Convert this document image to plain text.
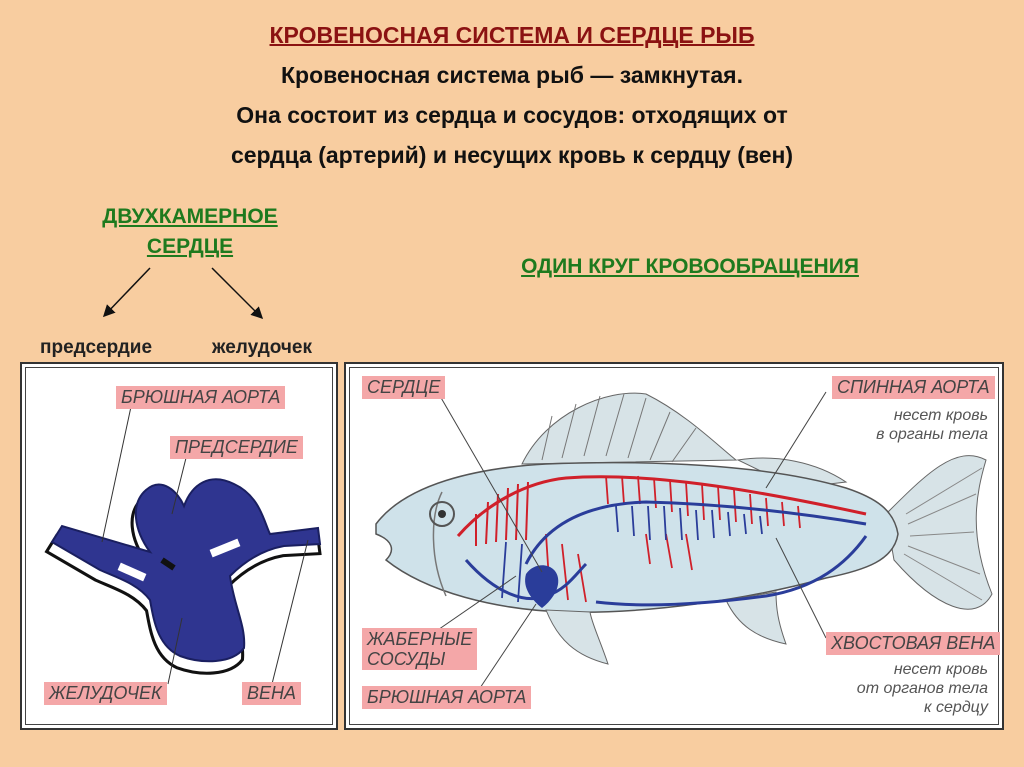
КРОВЕНОСНАЯ СИСТЕМА И СЕРДЦЕ РЫБ
Кровеносная система рыб — замкнутая.
Она состоит из сердца и сосудов: отходящих от
сердца (артерий) и несущих кровь к сердцу (вен)
ДВУХКАМЕРНОЕ
СЕРДЦЕ
ОДИН КРУГ КРОВООБРАЩЕНИЯ
предсердие	желудочек
БРЮШНАЯ АОРТА
ПРЕДСЕРДИЕ
ЖЕЛУДОЧЕК	ВЕНА
СЕРДЦЕ	СПИННАЯ АОРТА
несет кровь
в органы тела
ЖАБЕРНЫЕ
СОСУДЫ
БРЮШНАЯ АОРТА
ХВОСТОВАЯ ВЕНА
несет кровь
от органов тела
к сердцу
